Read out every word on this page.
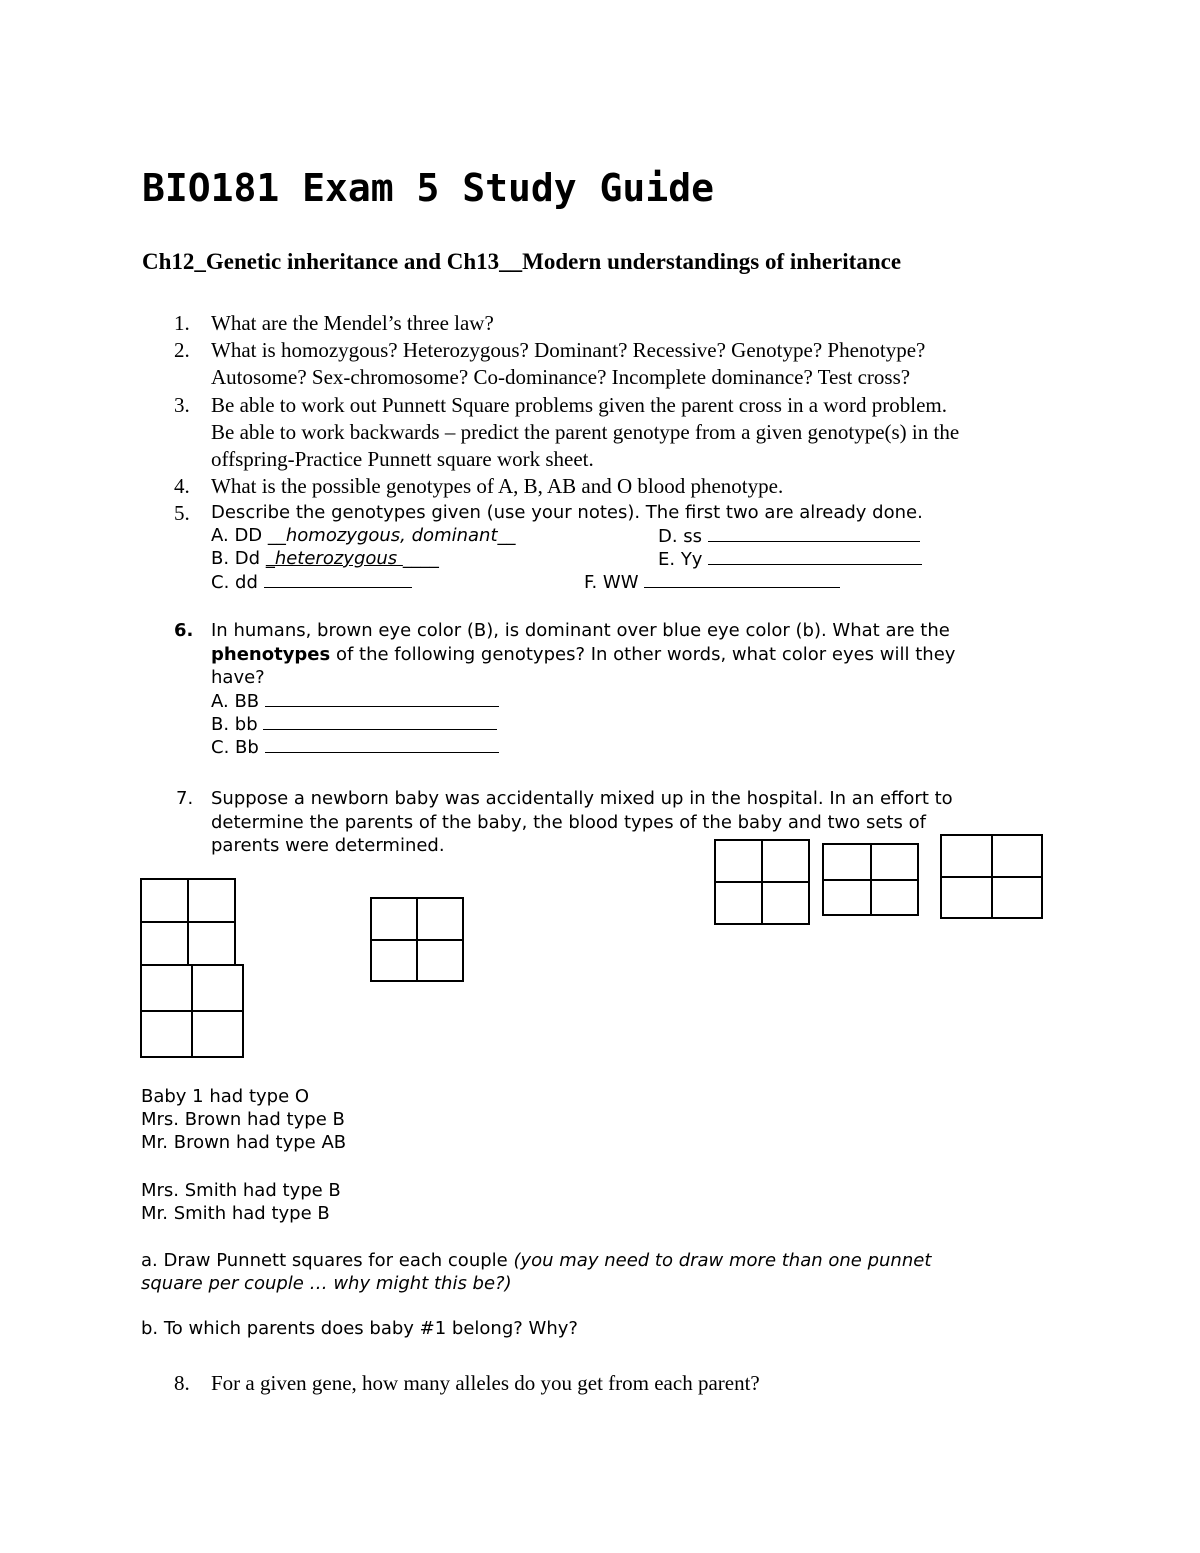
BIO181 Exam 5 Study Guide
Ch12_Genetic inheritance and Ch13__Modern understandings of inheritance
1. What are the Mendel’s three law?
2. What is homozygous? Heterozygous? Dominant? Recessive? Genotype? Phenotype?
Autosome? Sex-chromosome? Co-dominance? Incomplete dominance? Test cross?
3. Be able to work out Punnett Square problems given the parent cross in a word problem.
Be able to work backwards – predict the parent genotype from a given genotype(s) in the
offspring-Practice Punnett square work sheet.
4. What is the possible genotypes of A, B, AB and O blood phenotype.
5. Describe the genotypes given (use your notes). The first two are already done.
A. DD __homozygous, dominant__
B. Dd _heterozygous ____
C. dd
D. ss
E. Yy
F. WW
6. In humans, brown eye color (B), is dominant over blue eye color (b). What are the
phenotypes of the following genotypes? In other words, what color eyes will they
have?
A. BB
B. bb
C. Bb
7. Suppose a newborn baby was accidentally mixed up in the hospital. In an effort to
determine the parents of the baby, the blood types of the baby and two sets of
parents were determined.
Baby 1 had type O
Mrs. Brown had type B
Mr. Brown had type AB
Mrs. Smith had type B
Mr. Smith had type B
a. Draw Punnett squares for each couple (you may need to draw more than one punnet
square per couple … why might this be?)
b. To which parents does baby #1 belong? Why?
8. For a given gene, how many alleles do you get from each parent?
